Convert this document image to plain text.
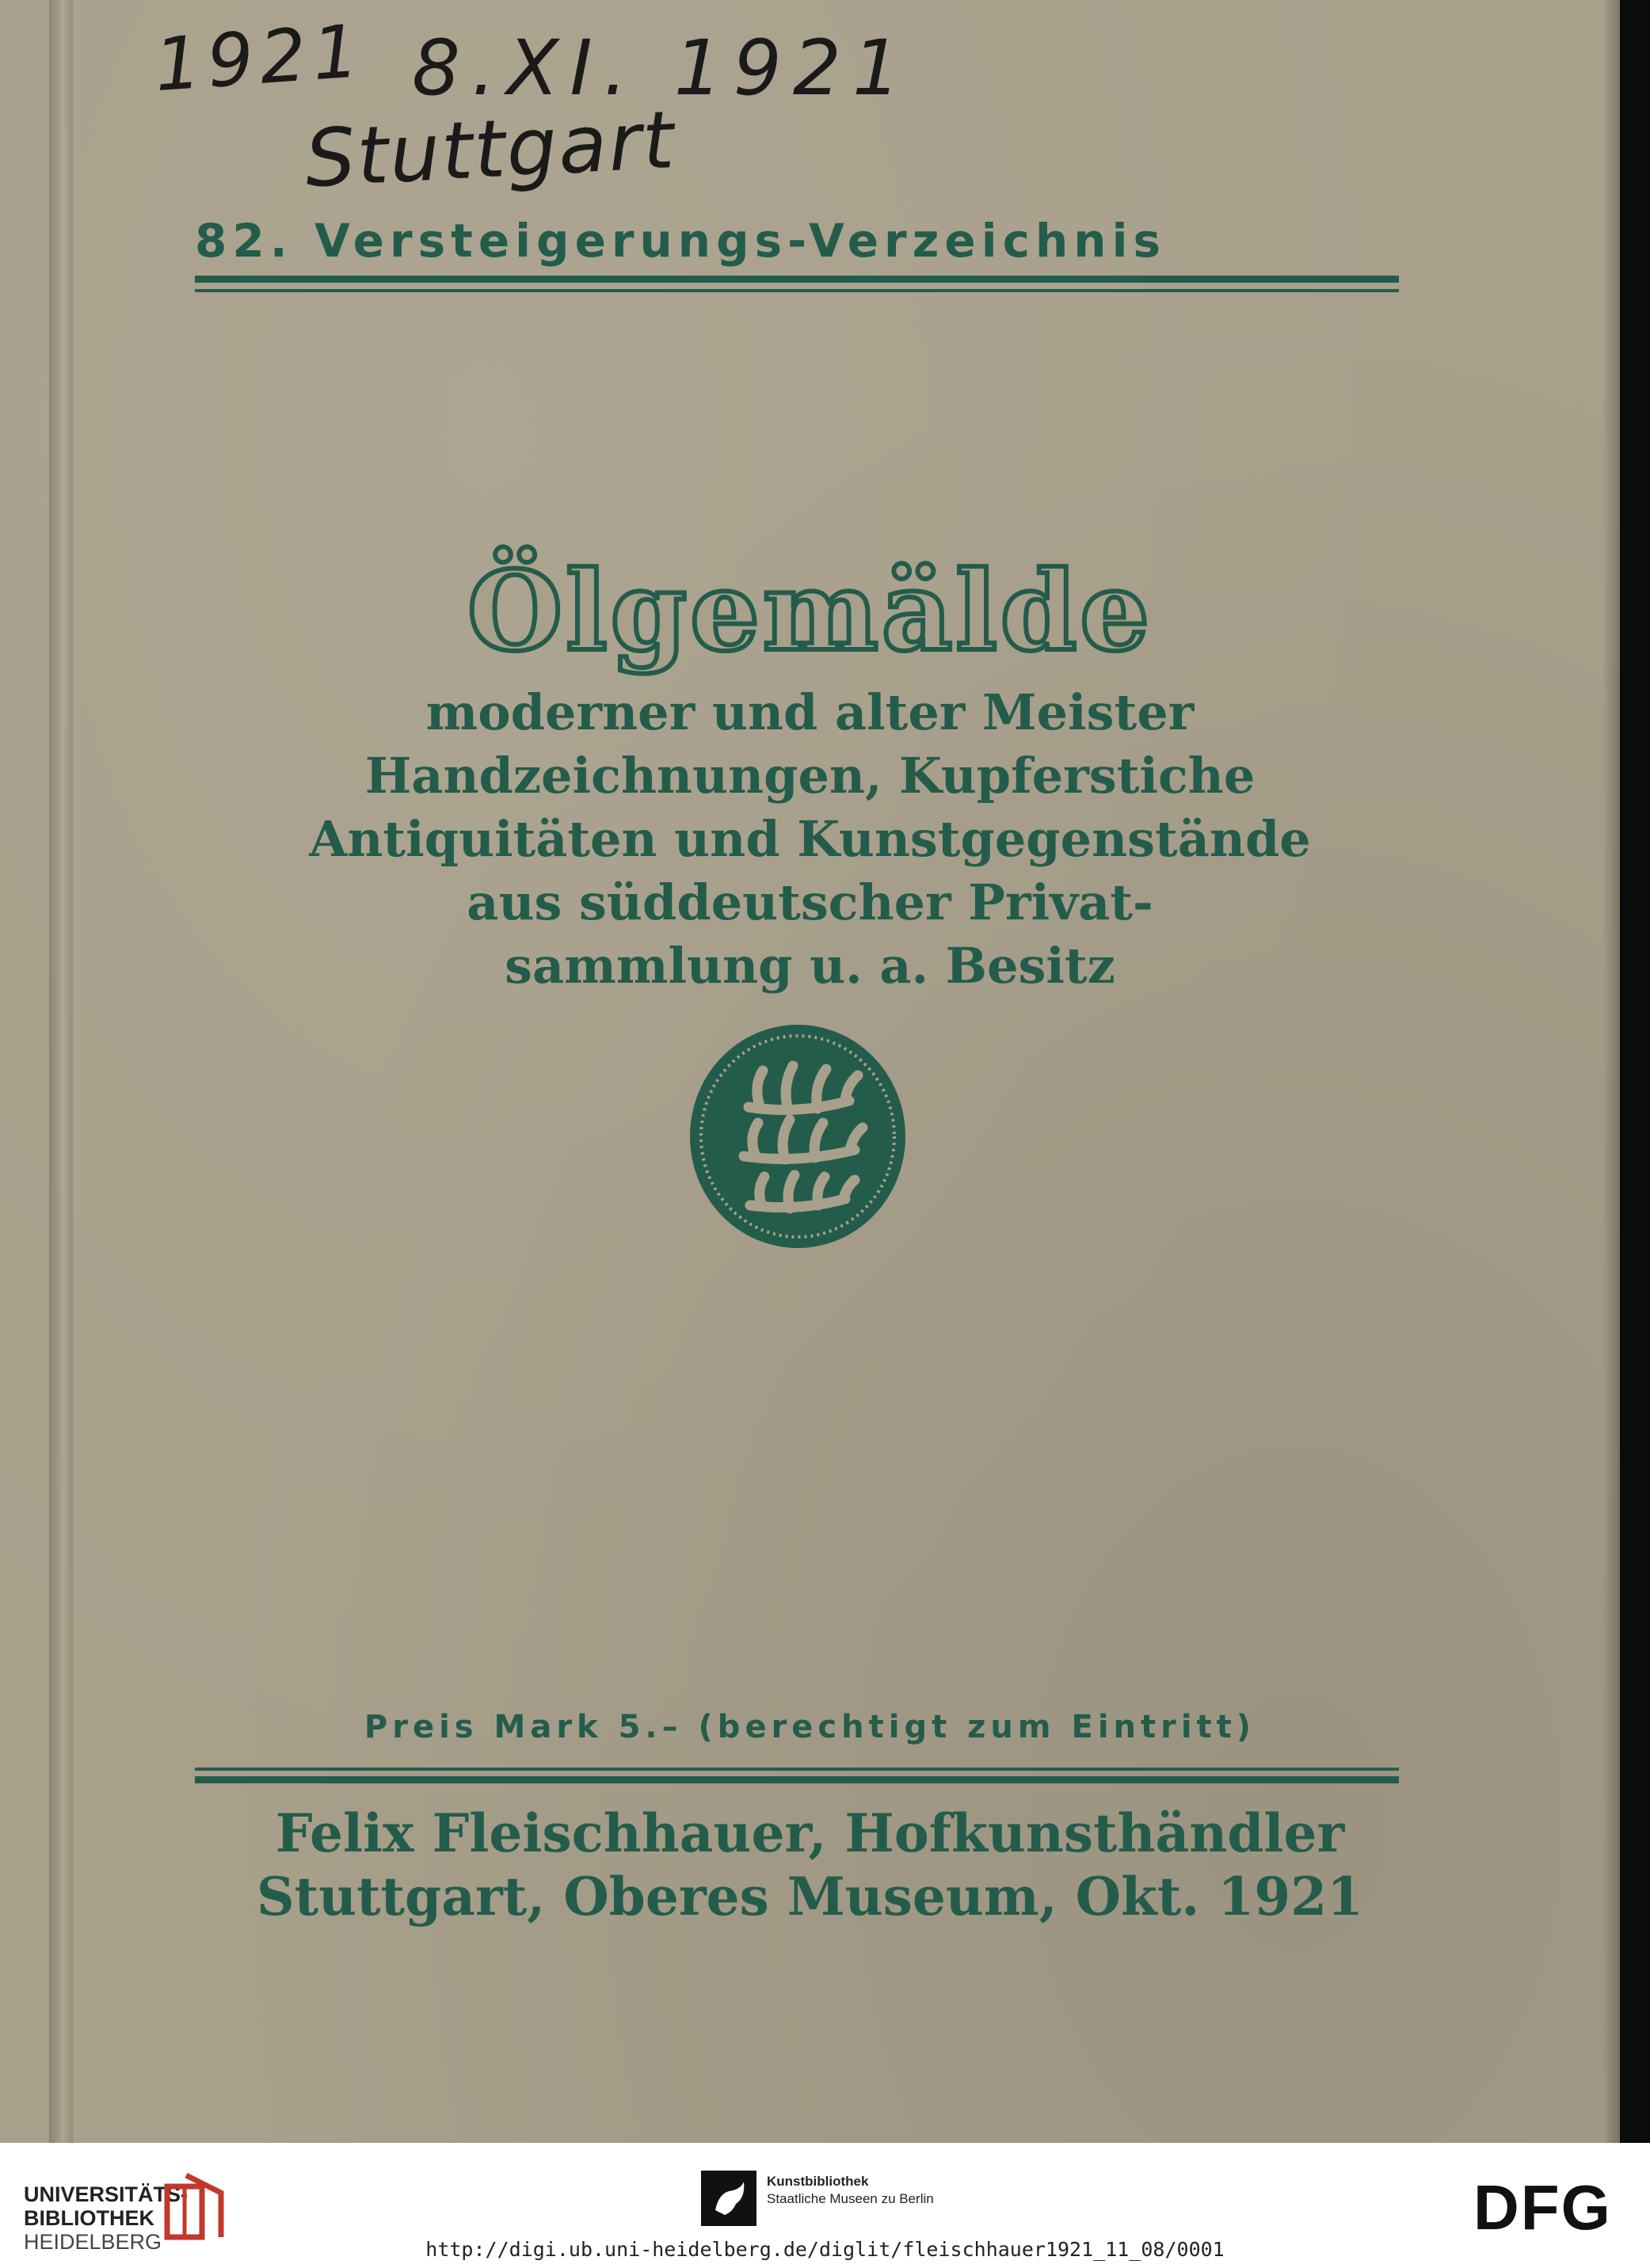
1921 8.XI. 1921
Stuttgart
82. Versteigerungs-Verzeichnis
Ölgemälde
moderner und alter Meister
Handzeichnungen, Kupferstiche
Antiquitäten und Kunstgegenstände
aus süddeutscher Privat-
sammlung u. a. Besitz
Preis Mark 5.– (berechtigt zum Eintritt)
Felix Fleischhauer, Hofkunsthändler
Stuttgart, Oberes Museum, Okt. 1921
UNIVERSITÄTS-
BIBLIOTHEK
HEIDELBERG
Kunstbibliothek
Staatliche Museen zu Berlin	DFG
http://digi.ub.uni-heidelberg.de/diglit/fleischhauer1921_11_08/0001
